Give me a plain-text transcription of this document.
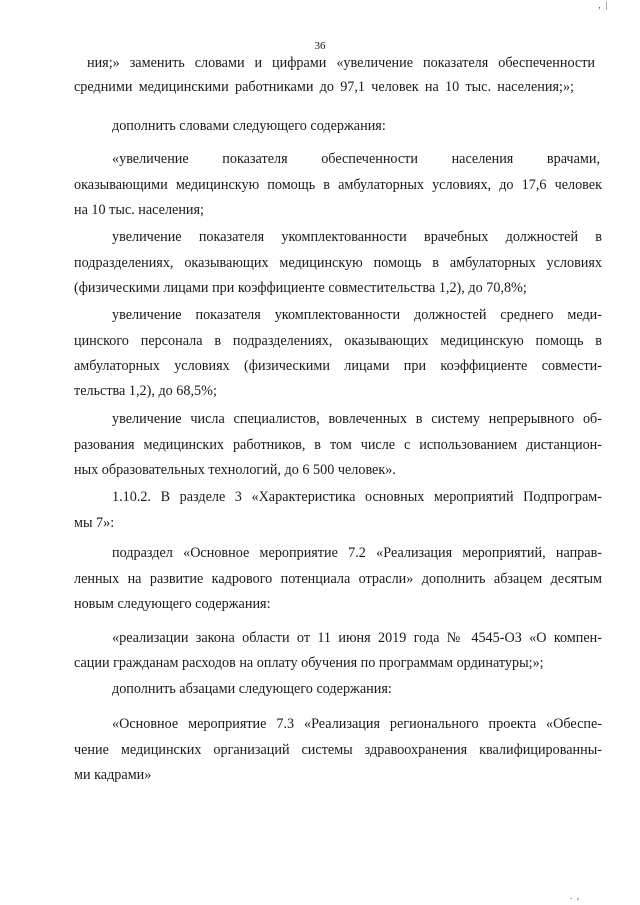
36
ния;» заменить словами и цифрами «увеличение показателя обеспеченности
средними медицинскими работниками до 97,1 человек на 10 тыс. населения;»;
дополнить словами следующего содержания:
«увеличение показателя обеспеченности населения врачами,
оказывающими медицинскую помощь в амбулаторных условиях, до 17,6 человек
на 10 тыс. населения;
увеличение показателя укомплектованности врачебных должностей в
подразделениях, оказывающих медицинскую помощь в амбулаторных условиях
(физическими лицами при коэффициенте совместительства 1,2), до 70,8%;
увеличение показателя укомплектованности должностей среднего меди-
цинского персонала в подразделениях, оказывающих медицинскую помощь в
амбулаторных условиях (физическими лицами при коэффициенте совмести-
тельства 1,2), до 68,5%;
увеличение числа специалистов, вовлеченных в систему непрерывного об-
разования медицинских работников, в том числе с использованием дистанцион-
ных образовательных технологий, до 6 500 человек».
1.10.2. В разделе 3 «Характеристика основных мероприятий Подпрограм-
мы 7»:
подраздел «Основное мероприятие 7.2 «Реализация мероприятий, направ-
ленных на развитие кадрового потенциала отрасли» дополнить абзацем десятым
новым следующего содержания:
«реализации закона области от 11 июня 2019 года № 4545-ОЗ «О компен-
сации гражданам расходов на оплату обучения по программам ординатуры;»;
дополнить абзацами следующего содержания:
«Основное мероприятие 7.3 «Реализация регионального проекта «Обеспе-
чение медицинских организаций системы здравоохранения квалифицированны-
ми кадрами»
‚  |
.  ,
